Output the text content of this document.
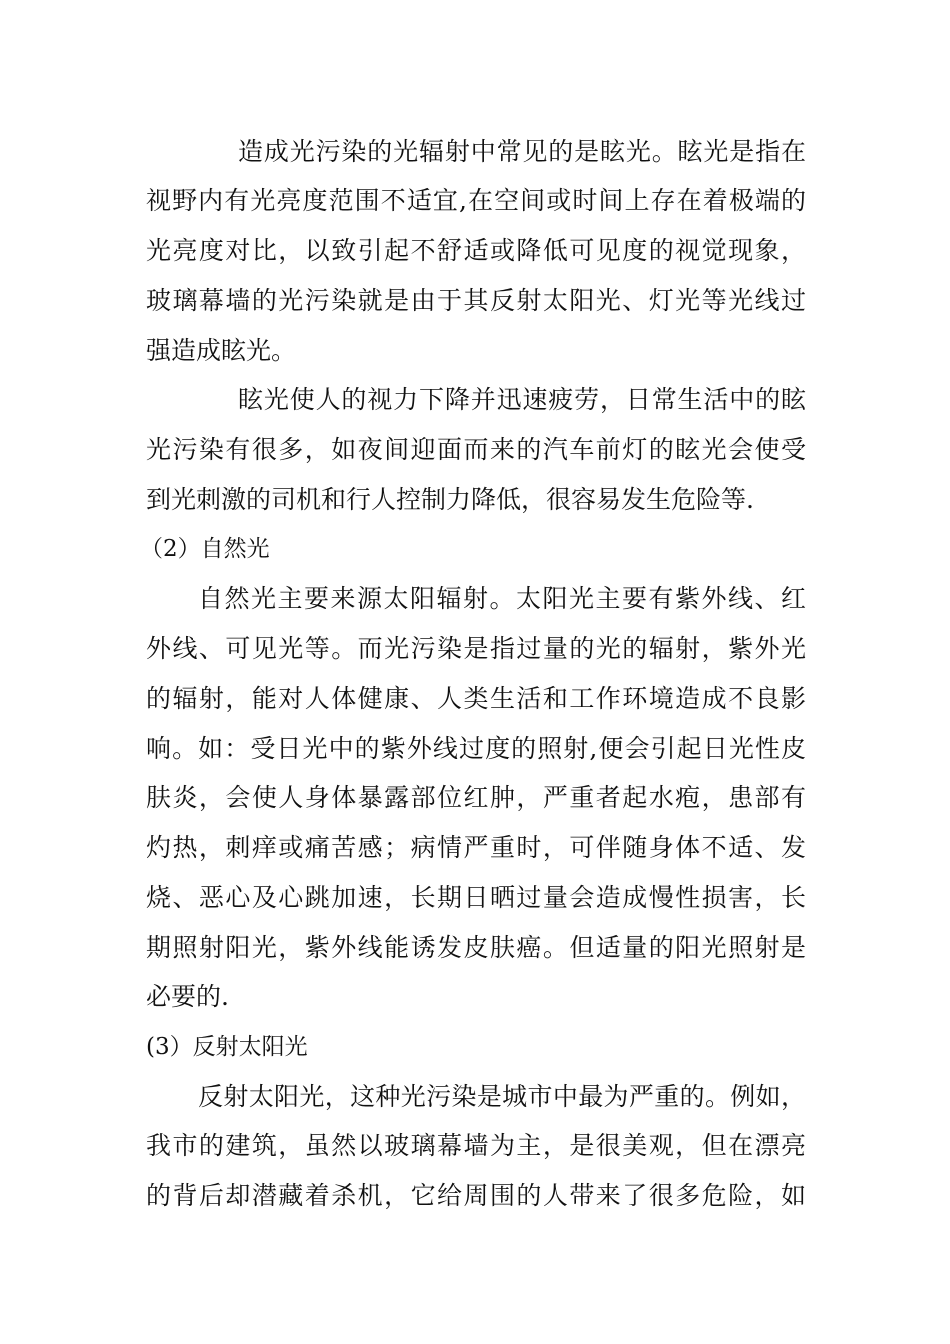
造成光污染的光辐射中常见的是眩光。眩光是指在
视野内有光亮度范围不适宜,在空间或时间上存在着极端的
光亮度对比，以致引起不舒适或降低可见度的视觉现象，
玻璃幕墙的光污染就是由于其反射太阳光、灯光等光线过
强造成眩光。
眩光使人的视力下降并迅速疲劳，日常生活中的眩
光污染有很多，如夜间迎面而来的汽车前灯的眩光会使受
到光刺激的司机和行人控制力降低，很容易发生危险等.
（2）自然光
自然光主要来源太阳辐射。太阳光主要有紫外线、红
外线、可见光等。而光污染是指过量的光的辐射，紫外光
的辐射，能对人体健康、人类生活和工作环境造成不良影
响。如：受日光中的紫外线过度的照射,便会引起日光性皮
肤炎，会使人身体暴露部位红肿，严重者起水疱，患部有
灼热，刺痒或痛苦感；病情严重时，可伴随身体不适、发
烧、恶心及心跳加速，长期日晒过量会造成慢性损害，长
期照射阳光，紫外线能诱发皮肤癌。但适量的阳光照射是
必要的.
(3）反射太阳光
反射太阳光，这种光污染是城市中最为严重的。例如，
我市的建筑，虽然以玻璃幕墙为主，是很美观，但在漂亮
的背后却潜藏着杀机，它给周围的人带来了很多危险，如
